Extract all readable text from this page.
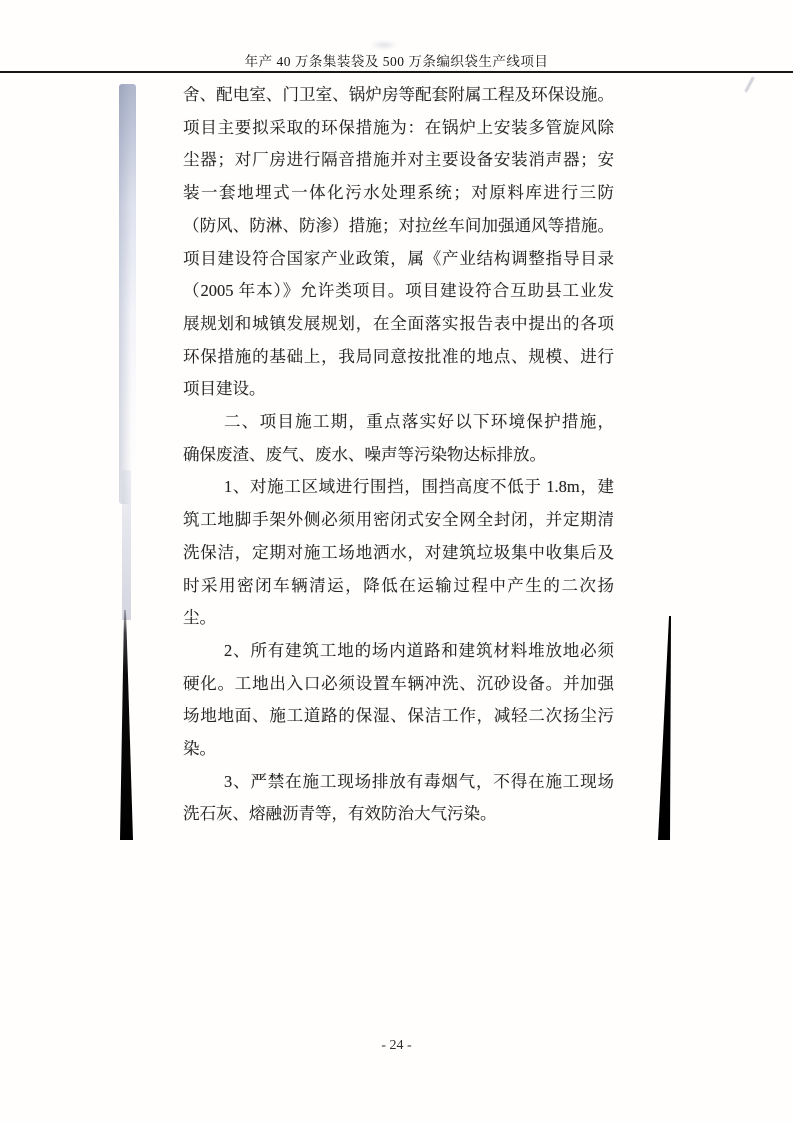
年产 40 万条集装袋及 500 万条编织袋生产线项目
舍、配电室、门卫室、锅炉房等配套附属工程及环保设施。
项目主要拟采取的环保措施为：在锅炉上安装多管旋风除
尘器；对厂房进行隔音措施并对主要设备安装消声器；安
装一套地埋式一体化污水处理系统；对原料库进行三防
（防风、防淋、防渗）措施；对拉丝车间加强通风等措施。
项目建设符合国家产业政策，属《产业结构调整指导目录
（2005 年本）》允许类项目。项目建设符合互助县工业发
展规划和城镇发展规划，在全面落实报告表中提出的各项
环保措施的基础上，我局同意按批准的地点、规模、进行
项目建设。
二、项目施工期，重点落实好以下环境保护措施，
确保废渣、废气、废水、噪声等污染物达标排放。
1、对施工区域进行围挡，围挡高度不低于 1.8m，建
筑工地脚手架外侧必须用密闭式安全网全封闭，并定期清
洗保洁，定期对施工场地洒水，对建筑垃圾集中收集后及
时采用密闭车辆清运，降低在运输过程中产生的二次扬
尘。
2、所有建筑工地的场内道路和建筑材料堆放地必须
硬化。工地出入口必须设置车辆冲洗、沉砂设备。并加强
场地地面、施工道路的保湿、保洁工作，减轻二次扬尘污
染。
3、严禁在施工现场排放有毒烟气，不得在施工现场
洗石灰、熔融沥青等，有效防治大气污染。
- 24 -
